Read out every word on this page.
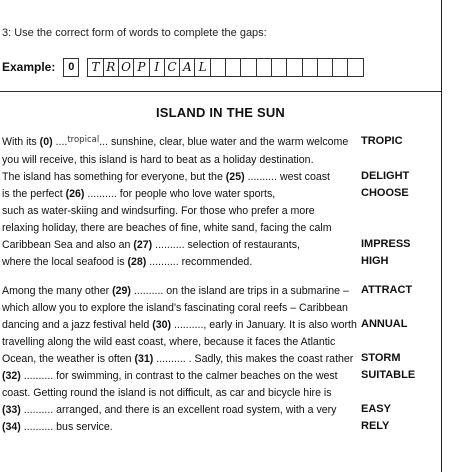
3: Use the correct form of words to complete the gaps:
Example:	0	T R O P I C A L
ISLAND IN THE SUN
With its (0) ....$^{tropical}$... sunshine, clear, blue water and the warm welcome
you will receive, this island is hard to beat as a holiday destination.
The island has something for everyone, but the (25) .......... west coast
is the perfect (26) .......... for people who love water sports,
such as water-skiing and windsurfing. For those who prefer a more
relaxing holiday, there are beaches of fine, white sand, facing the calm
Caribbean Sea and also an (27) .......... selection of restaurants,
where the local seafood is (28) .......... recommended.
Among the many other (29) .......... on the island are trips in a submarine –
which allow you to explore the island's fascinating coral reefs – Caribbean
dancing and a jazz festival held (30) .........., early in January. It is also worth
travelling along the wild east coast, where, because it faces the Atlantic
Ocean, the weather is often (31) .......... . Sadly, this makes the coast rather
(32) .......... for swimming, in contrast to the calmer beaches on the west
coast. Getting round the island is not difficult, as car and bicycle hire is
(33) .......... arranged, and there is an excellent road system, with a very
(34) .......... bus service.
TROPIC
DELIGHT
CHOOSE
IMPRESS
HIGH
ATTRACT
ANNUAL
STORM
SUITABLE
EASY
RELY
